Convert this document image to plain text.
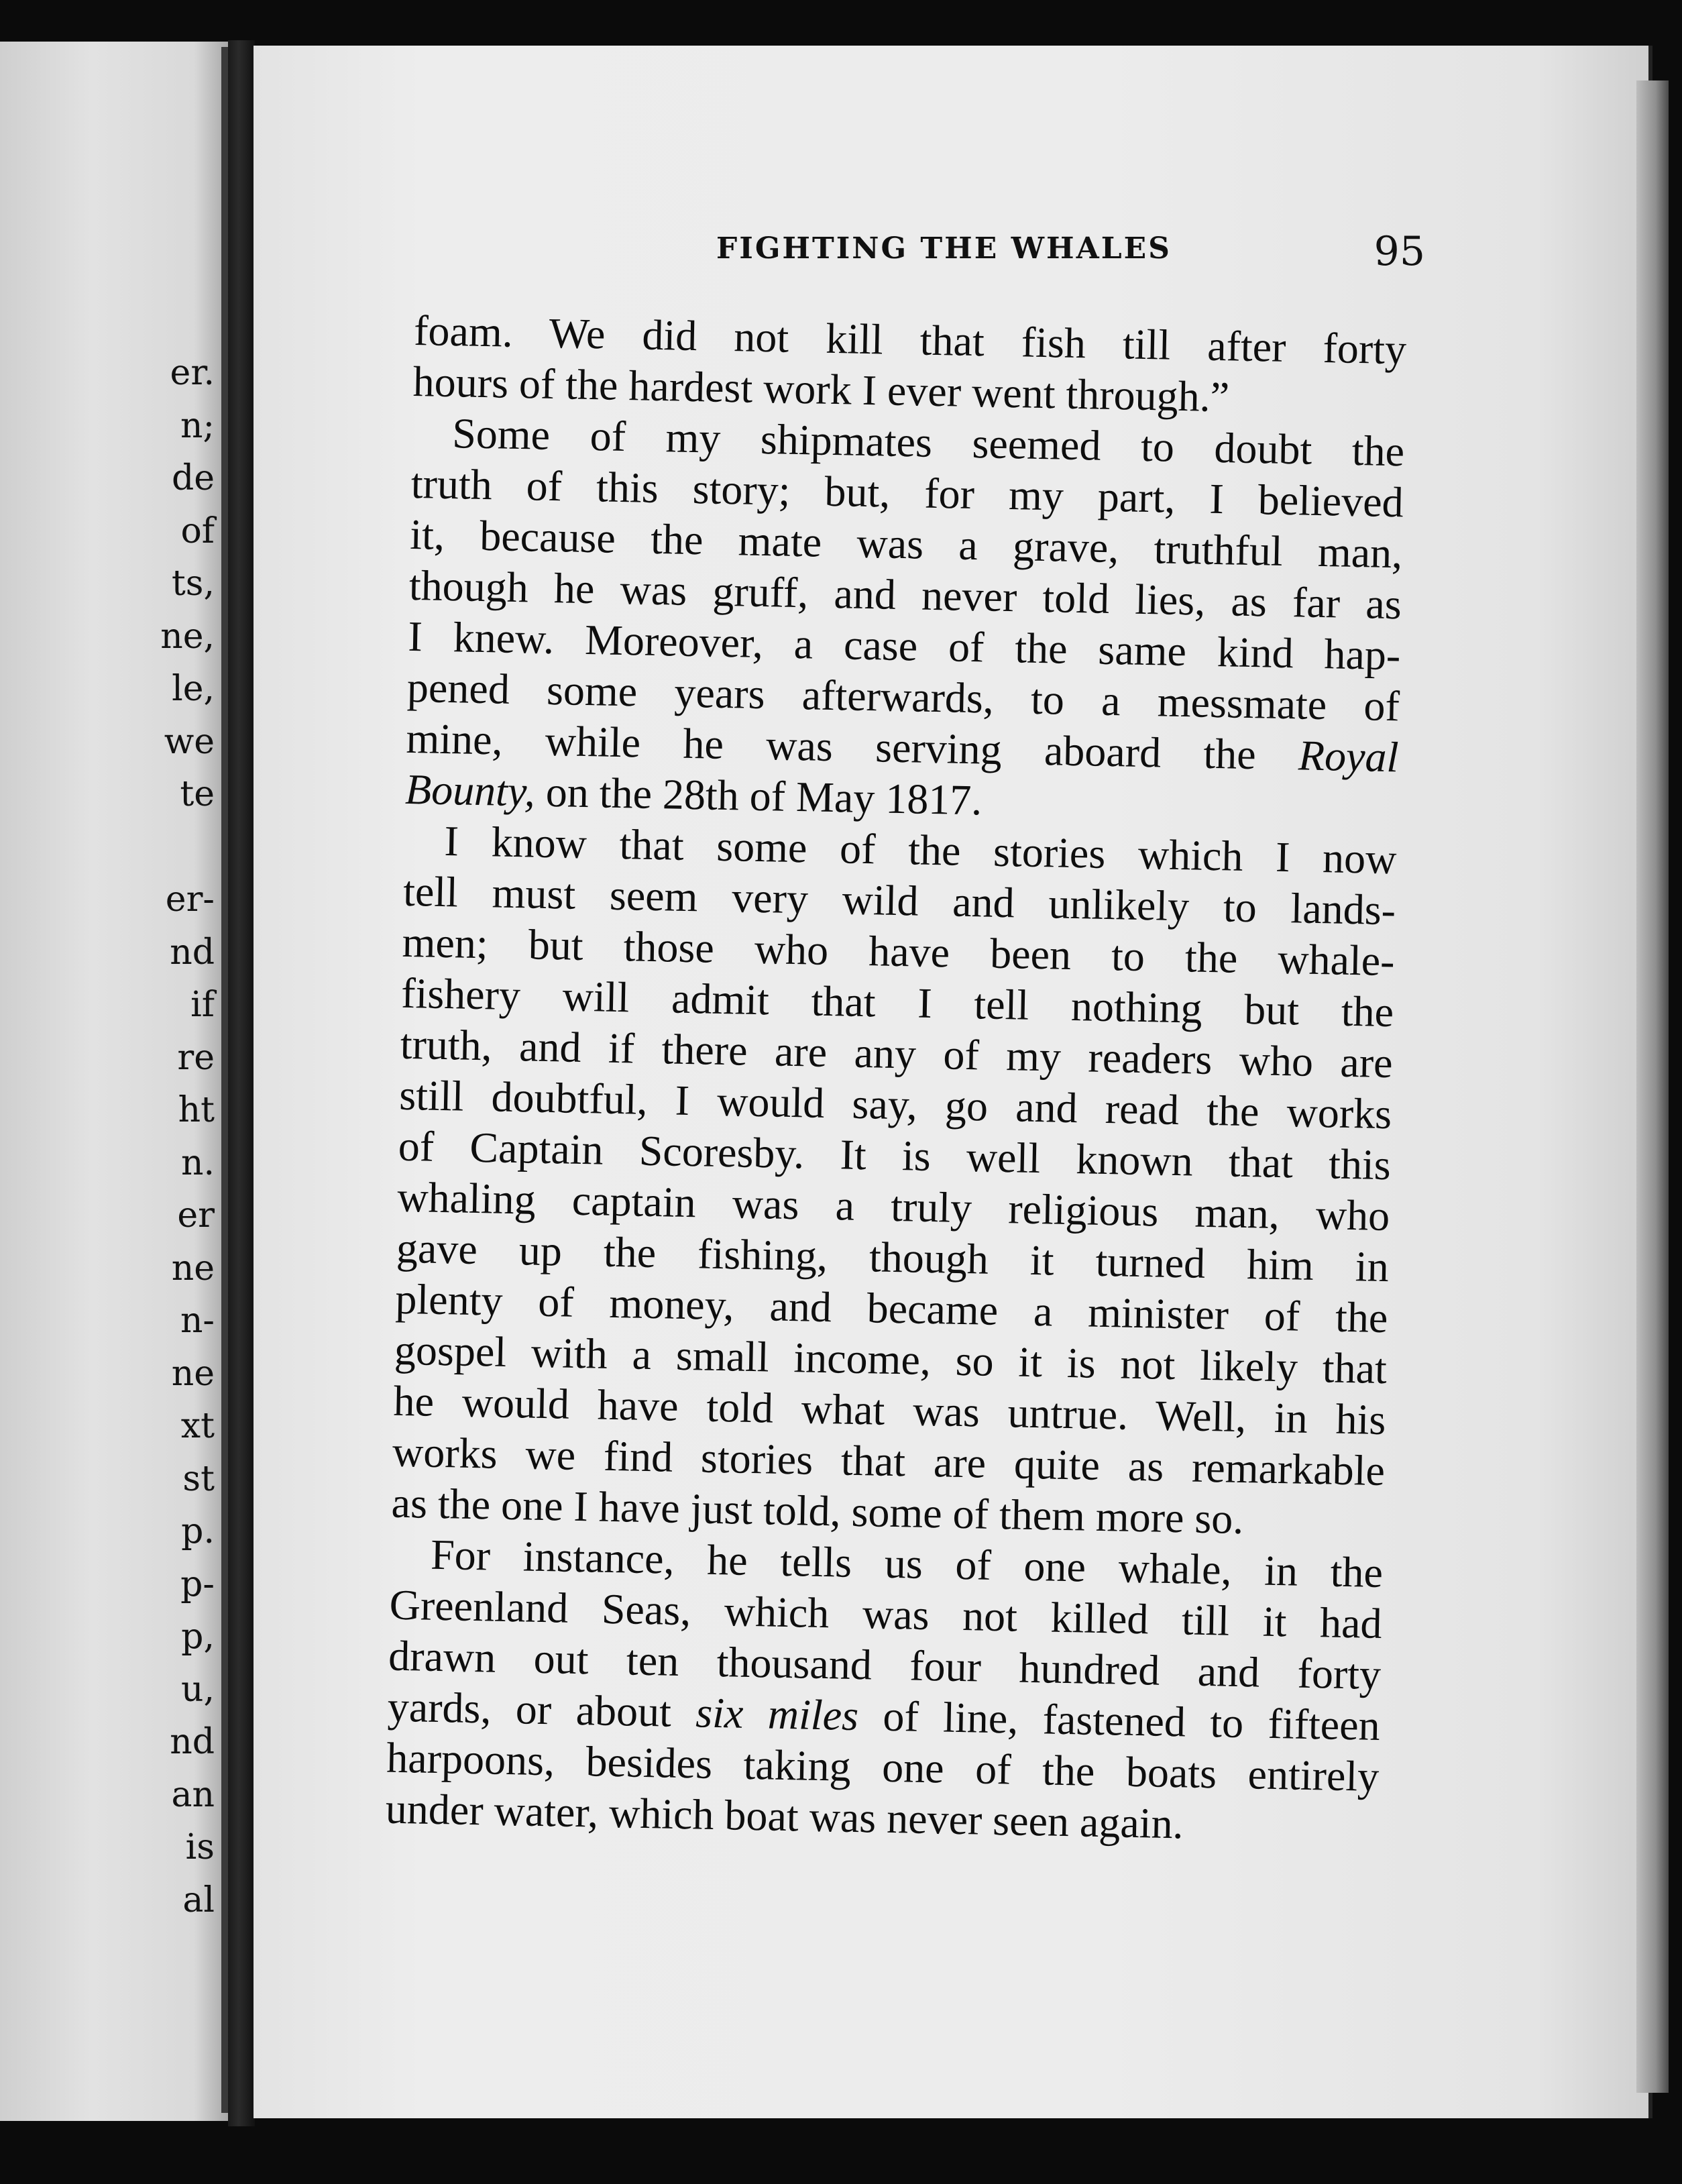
er.
n;
de
of
ts,
ne,
le,
we
te
er-
nd
if
re
ht
n.
er
ne
n-
ne
xt
st
p.
p-
p,
u,
nd
an
is
al
FIGHTING THE WHALES	95
foam. We did not kill that fish till after forty
hours of the hardest work I ever went through.”
Some of my shipmates seemed to doubt the
truth of this story; but, for my part, I believed
it, because the mate was a grave, truthful man,
though he was gruff, and never told lies, as far as
I knew. Moreover, a case of the same kind hap-
pened some years afterwards, to a messmate of
mine, while he was serving aboard the Royal
Bounty, on the 28th of May 1817.
I know that some of the stories which I now
tell must seem very wild and unlikely to lands-
men; but those who have been to the whale-
fishery will admit that I tell nothing but the
truth, and if there are any of my readers who are
still doubtful, I would say, go and read the works
of Captain Scoresby. It is well known that this
whaling captain was a truly religious man, who
gave up the fishing, though it turned him in
plenty of money, and became a minister of the
gospel with a small income, so it is not likely that
he would have told what was untrue. Well, in his
works we find stories that are quite as remarkable
as the one I have just told, some of them more so.
For instance, he tells us of one whale, in the
Greenland Seas, which was not killed till it had
drawn out ten thousand four hundred and forty
yards, or about six miles of line, fastened to fifteen
harpoons, besides taking one of the boats entirely
under water, which boat was never seen again.
